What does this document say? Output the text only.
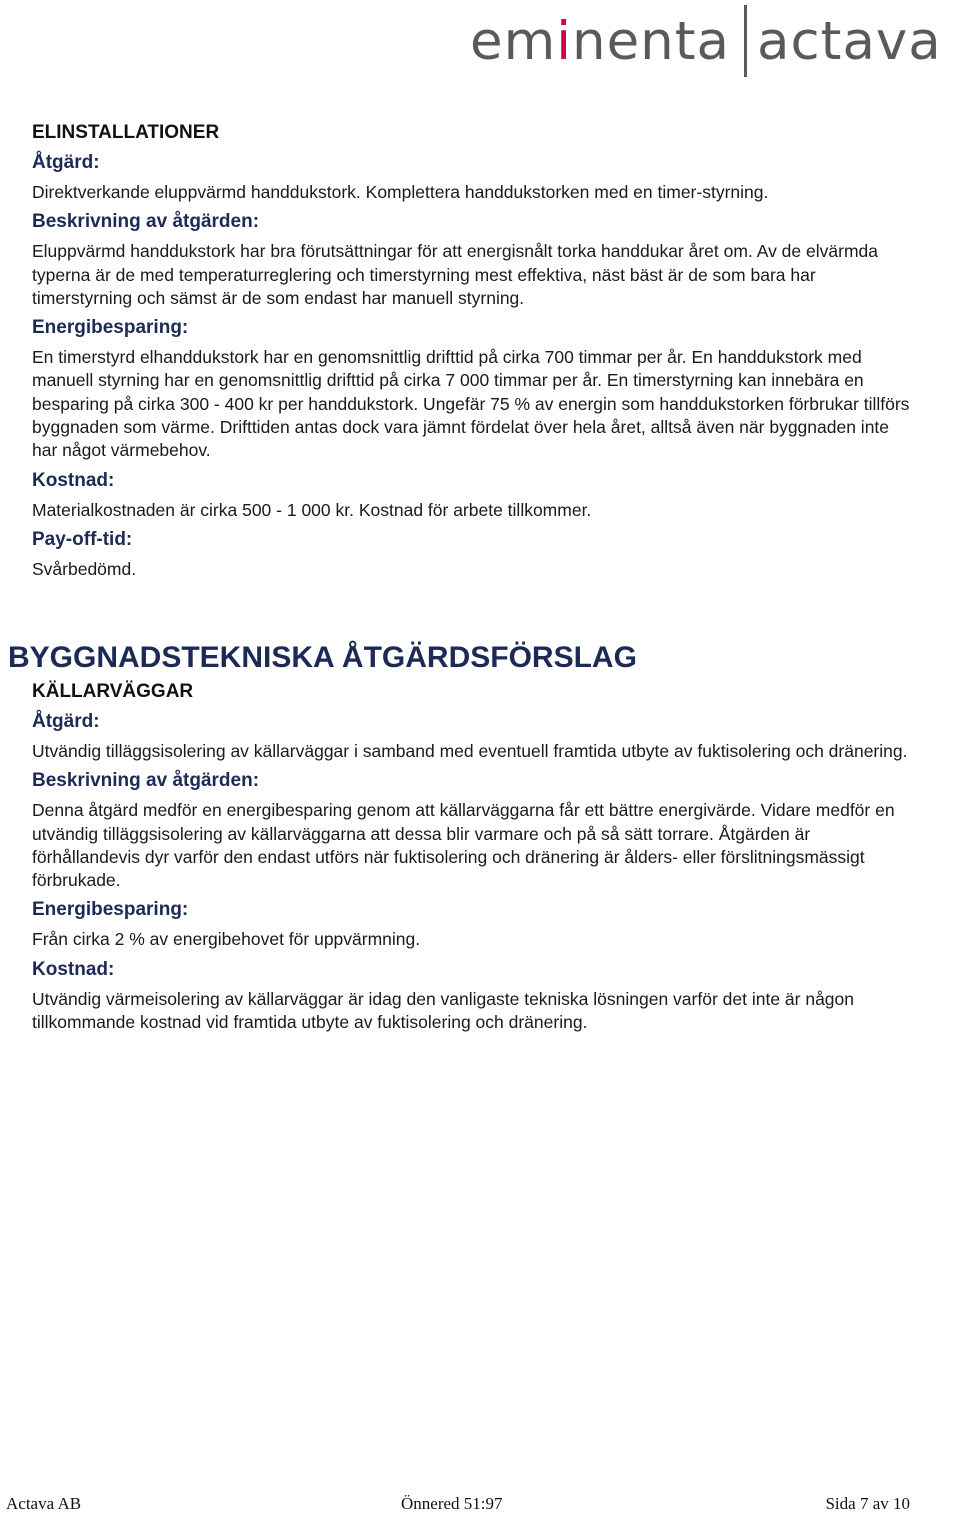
em i nenta actava
ELINSTALLATIONER
Åtgärd:
Direktverkande eluppvärmd handdukstork. Komplettera handdukstorken med en timer-styrning.
Beskrivning av åtgärden:
Eluppvärmd handdukstork har bra förutsättningar för att energisnålt torka handdukar året om. Av de elvärmda typerna är de med temperaturreglering och timerstyrning mest effektiva, näst bäst är de som bara har timerstyrning och sämst är de som endast har manuell styrning.
Energibesparing:
En timerstyrd elhanddukstork har en genomsnittlig drifttid på cirka 700 timmar per år. En handdukstork med manuell styrning har en genomsnittlig drifttid på cirka 7 000 timmar per år. En timerstyrning kan innebära en besparing på cirka 300 - 400 kr per handdukstork. Ungefär 75 % av energin som handdukstorken förbrukar tillförs byggnaden som värme. Drifttiden antas dock vara jämnt fördelat över hela året, alltså även när byggnaden inte har något värmebehov.
Kostnad:
Materialkostnaden är cirka 500 - 1 000 kr. Kostnad för arbete tillkommer.
Pay-off-tid:
Svårbedömd.
BYGGNADSTEKNISKA ÅTGÄRDSFÖRSLAG
KÄLLARVÄGGAR
Åtgärd:
Utvändig tilläggsisolering av källarväggar i samband med eventuell framtida utbyte av fuktisolering och dränering.
Beskrivning av åtgärden:
Denna åtgärd medför en energibesparing genom att källarväggarna får ett bättre energivärde. Vidare medför en utvändig tilläggsisolering av källarväggarna att dessa blir varmare och på så sätt torrare. Åtgärden är förhållandevis dyr varför den endast utförs när fuktisolering och dränering är ålders- eller förslitningsmässigt förbrukade.
Energibesparing:
Från cirka 2 % av energibehovet för uppvärmning.
Kostnad:
Utvändig värmeisolering av källarväggar är idag den vanligaste tekniska lösningen varför det inte är någon tillkommande kostnad vid framtida utbyte av fuktisolering och dränering.
Actava AB	Önnered 51:97	Sida 7 av 10
